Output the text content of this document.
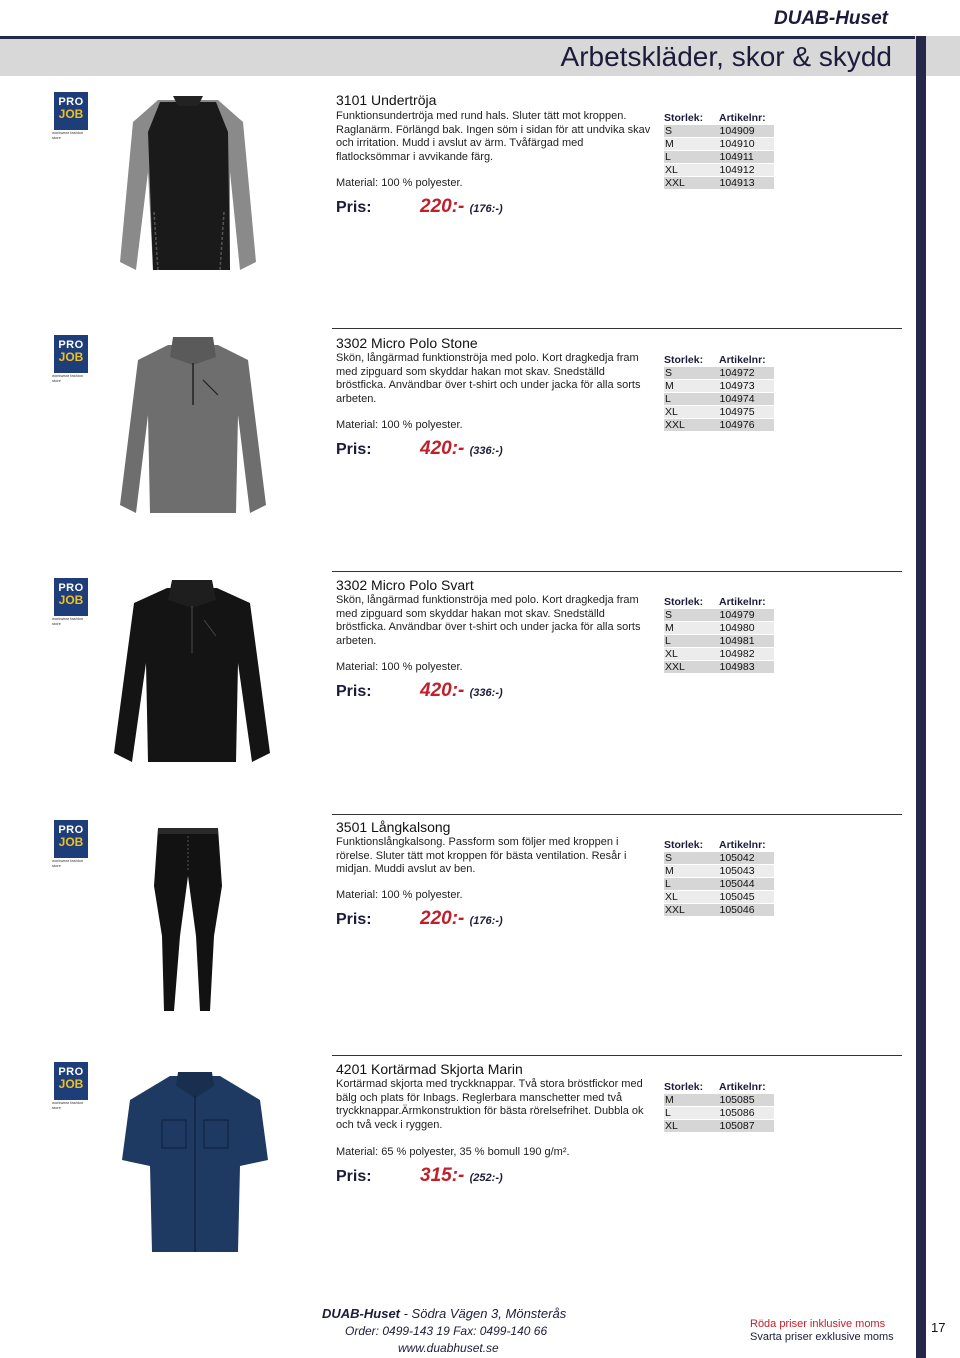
DUAB-Huset
Arbetskläder, skor & skydd
PRO
JOB
workwear fashion store
3101 Undertröja
Funktionsundertröja med rund hals. Sluter tätt mot kroppen. Raglanärm. Förlängd bak. Ingen söm i sidan för att undvika skav och irritation. Mudd i avslut av ärm. Tvåfärgad med flatlocksömmar i avvikande färg.
Material: 100 % polyester.
Pris:	220:- (176:-)
Storlek:	Artikelnr:
S	104909
M	104910
L	104911
XL	104912
XXL	104913
PRO
JOB
workwear fashion store
3302 Micro Polo Stone
Skön, långärmad funktionströja med polo. Kort dragkedja fram med zipguard som skyddar hakan mot skav. Snedställd bröstficka. Användbar över t-shirt och under jacka för alla sorts arbeten.
Material: 100 % polyester.
Pris:	420:- (336:-)
Storlek:	Artikelnr:
S	104972
M	104973
L	104974
XL	104975
XXL	104976
PRO
JOB
workwear fashion store
3302 Micro Polo Svart
Skön, långärmad funktionströja med polo. Kort dragkedja fram med zipguard som skyddar hakan mot skav. Snedställd bröstficka. Användbar över t-shirt och under jacka för alla sorts arbeten.
Material: 100 % polyester.
Pris:	420:- (336:-)
Storlek:	Artikelnr:
S	104979
M	104980
L	104981
XL	104982
XXL	104983
PRO
JOB
workwear fashion store
3501 Långkalsong
Funktionslångkalsong. Passform som följer med kroppen i rörelse. Sluter tätt mot kroppen för bästa ventilation. Resår i midjan. Muddi avslut av ben.
Material: 100 % polyester.
Pris:	220:- (176:-)
Storlek:	Artikelnr:
S	105042
M	105043
L	105044
XL	105045
XXL	105046
PRO
JOB
workwear fashion store
4201 Kortärmad Skjorta Marin
Kortärmad skjorta med tryckknappar. Två stora bröstfickor med bälg och plats för Inbags. Reglerbara manschetter med två tryckknappar.Ärmkonstruktion för bästa rörelsefrihet. Dubbla ok och två veck i ryggen.
Material: 65 % polyester, 35 % bomull 190 g/m².
Pris:	315:- (252:-)
Storlek:	Artikelnr:
M	105085
L	105086
XL	105087
DUAB-Huset - Södra Vägen 3, Mönsterås
Order: 0499-143 19 Fax: 0499-140 66
www.duabhuset.se
Röda priser inklusive moms
Svarta priser exklusive moms
17
